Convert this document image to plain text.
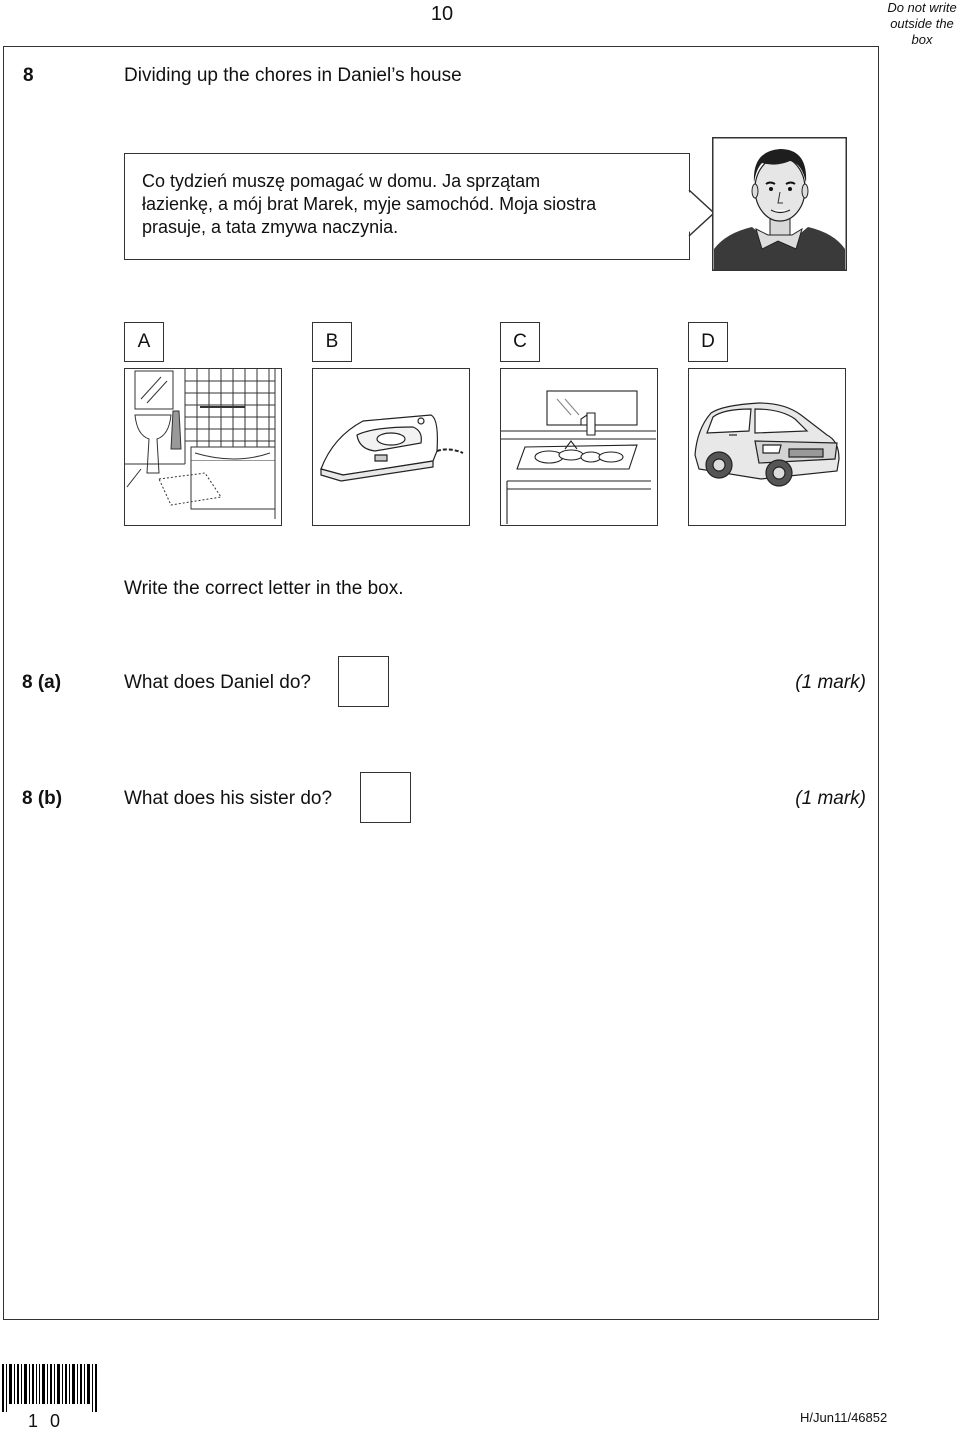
10	Do not write
outside the
box
8	Dividing up the chores in Daniel’s house
Co tydzień muszę pomagać w domu. Ja sprzątam
łazienkę, a mój brat Marek, myje samochód. Moja siostra
prasuje, a tata zmywa naczynia.
A	B	C	D
Write the correct letter in the box.
8 (a)	What does Daniel do?	(1 mark)
8 (b)	What does his sister do?	(1 mark)
10	H/Jun11/46852
